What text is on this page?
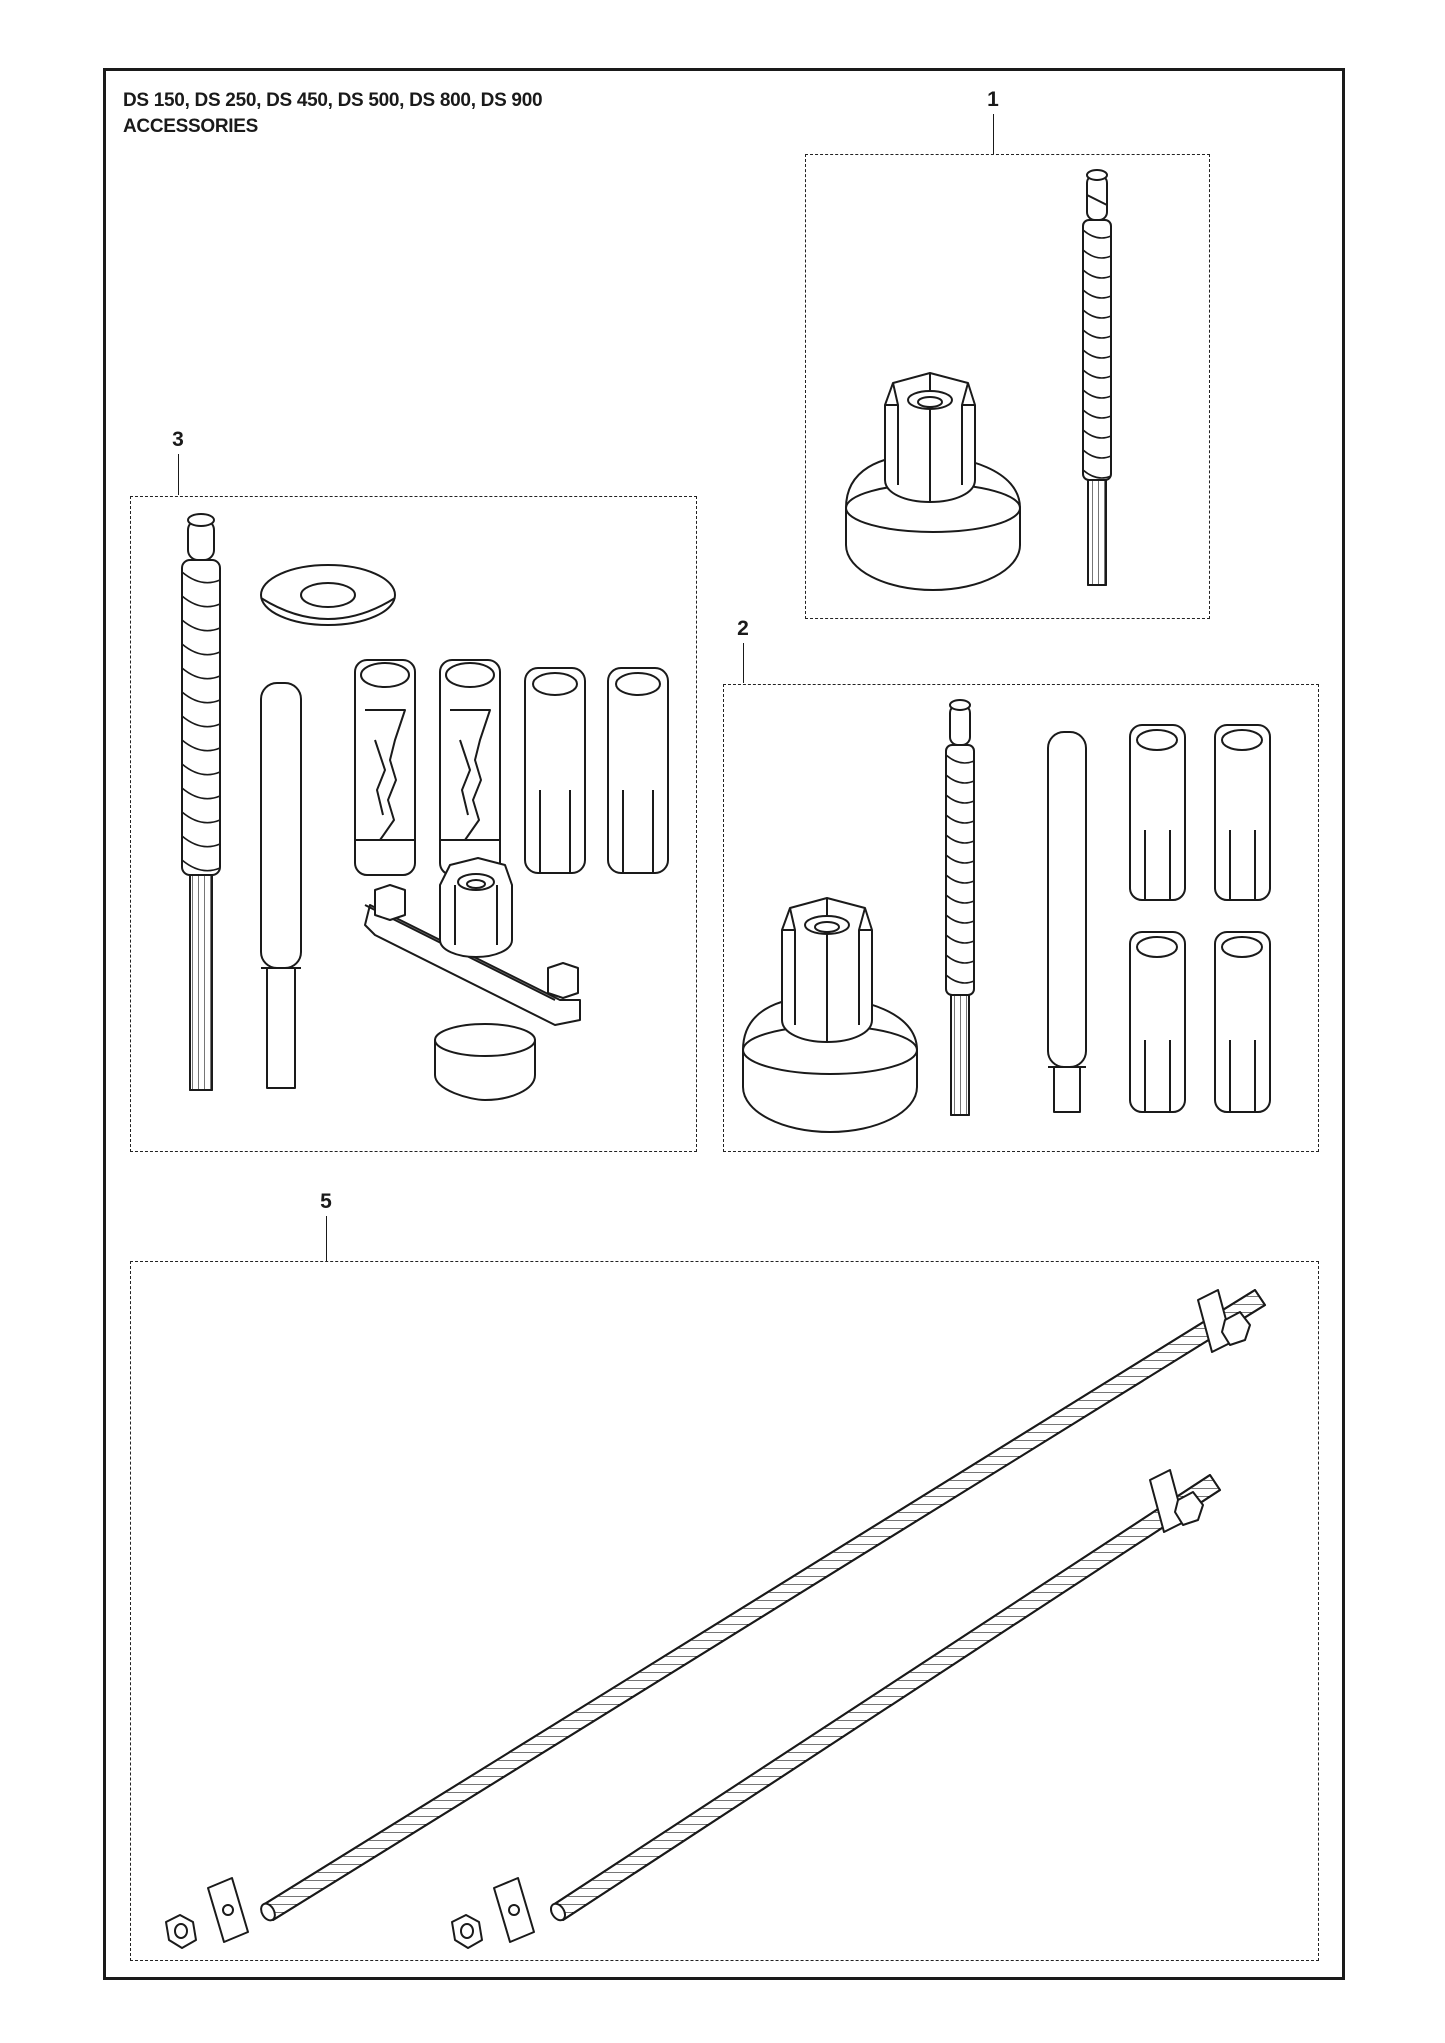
DS 150, DS 250, DS 450, DS 500, DS 800, DS 900
ACCESSORIES
1
2
3
5
